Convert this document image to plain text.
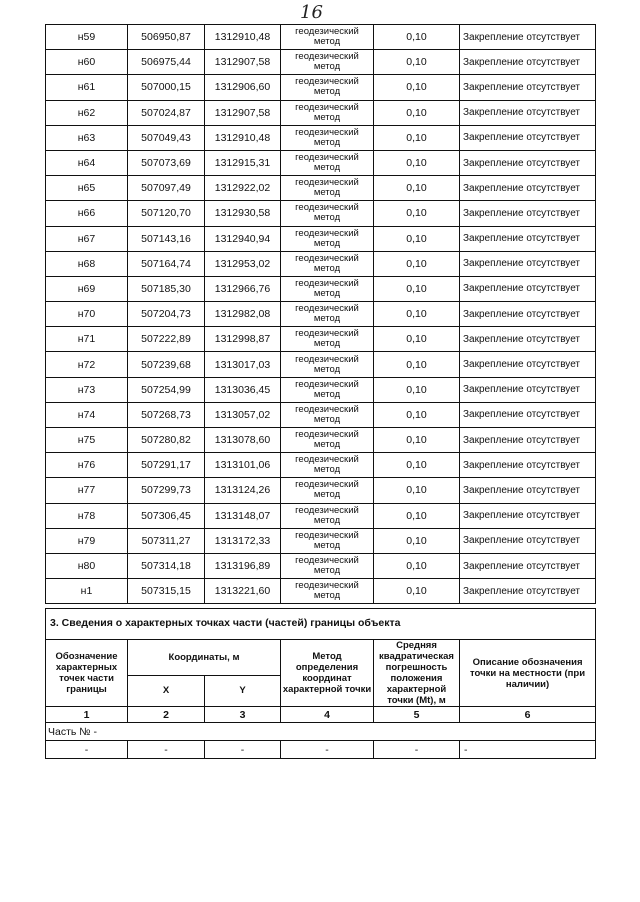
16
н59	506950,87	1312910,48	геодезический метод	0,10	Закрепление отсутствует
н60	506975,44	1312907,58	геодезический метод	0,10	Закрепление отсутствует
н61	507000,15	1312906,60	геодезический метод	0,10	Закрепление отсутствует
н62	507024,87	1312907,58	геодезический метод	0,10	Закрепление отсутствует
н63	507049,43	1312910,48	геодезический метод	0,10	Закрепление отсутствует
н64	507073,69	1312915,31	геодезический метод	0,10	Закрепление отсутствует
н65	507097,49	1312922,02	геодезический метод	0,10	Закрепление отсутствует
н66	507120,70	1312930,58	геодезический метод	0,10	Закрепление отсутствует
н67	507143,16	1312940,94	геодезический метод	0,10	Закрепление отсутствует
н68	507164,74	1312953,02	геодезический метод	0,10	Закрепление отсутствует
н69	507185,30	1312966,76	геодезический метод	0,10	Закрепление отсутствует
н70	507204,73	1312982,08	геодезический метод	0,10	Закрепление отсутствует
н71	507222,89	1312998,87	геодезический метод	0,10	Закрепление отсутствует
н72	507239,68	1313017,03	геодезический метод	0,10	Закрепление отсутствует
н73	507254,99	1313036,45	геодезический метод	0,10	Закрепление отсутствует
н74	507268,73	1313057,02	геодезический метод	0,10	Закрепление отсутствует
н75	507280,82	1313078,60	геодезический метод	0,10	Закрепление отсутствует
н76	507291,17	1313101,06	геодезический метод	0,10	Закрепление отсутствует
н77	507299,73	1313124,26	геодезический метод	0,10	Закрепление отсутствует
н78	507306,45	1313148,07	геодезический метод	0,10	Закрепление отсутствует
н79	507311,27	1313172,33	геодезический метод	0,10	Закрепление отсутствует
н80	507314,18	1313196,89	геодезический метод	0,10	Закрепление отсутствует
н1	507315,15	1313221,60	геодезический метод	0,10	Закрепление отсутствует
3. Сведения о характерных точках части (частей) границы объекта					
Обозначение характерных точек части границы	Координаты, м		Метод определения координат характерной точки	Средняя квадратическая погрешность положения характерной точки (Mt), м	Описание обозначения точки на местности (при наличии)
	X	Y			
1	2	3	4	5	6
Часть № -					
-	-	-	-	-	-
